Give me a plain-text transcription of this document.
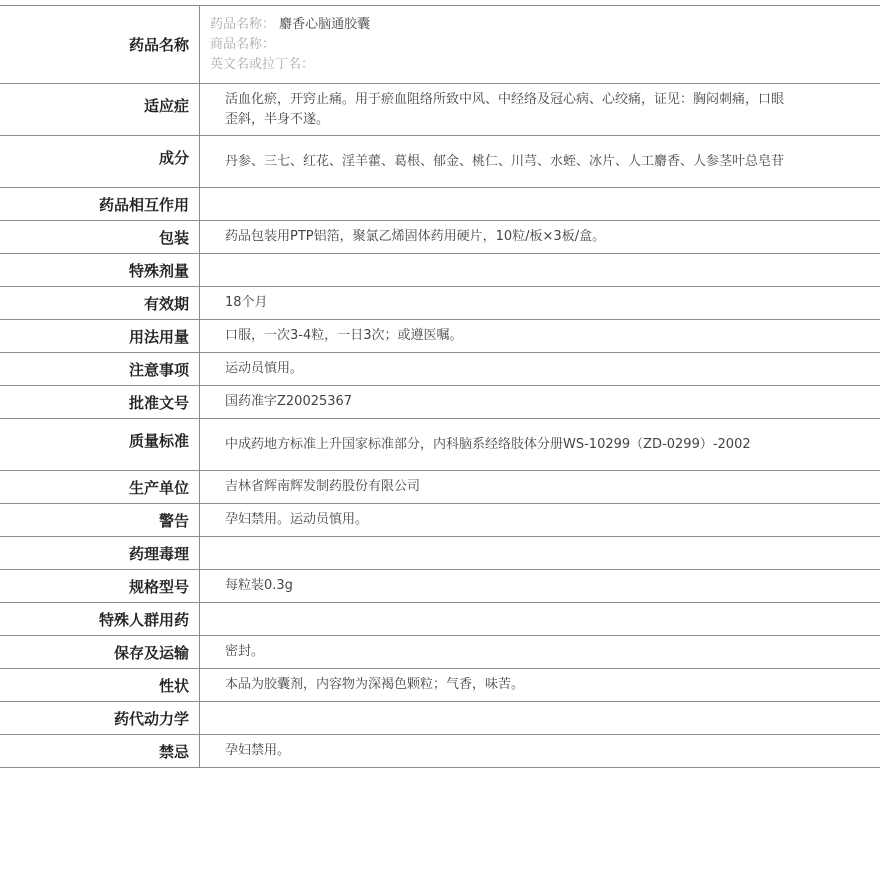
药品名称	药品名称： 麝香心脑通胶囊
商品名称：
英文名或拉丁名：

适应症	活血化瘀，开窍止痛。用于瘀血阻络所致中风、中经络及冠心病、心绞痛，证见：胸闷刺痛，口眼歪斜，半身不遂。
成分	丹参、三七、红花、淫羊藿、葛根、郁金、桃仁、川芎、水蛭、冰片、人工麝香、人参茎叶总皂苷
药品相互作用	
包装	药品包装用PTP铝箔，聚氯乙烯固体药用硬片，10粒/板×3板/盒。
特殊剂量	
有效期	18个月
用法用量	口服，一次3-4粒，一日3次；或遵医嘱。
注意事项	运动员慎用。
批准文号	国药准字Z20025367
质量标准	中成药地方标准上升国家标准部分，内科脑系经络肢体分册WS-10299（ZD-0299）-2002
生产单位	吉林省辉南辉发制药股份有限公司
警告	孕妇禁用。运动员慎用。
药理毒理	
规格型号	每粒装0.3g
特殊人群用药	
保存及运输	密封。
性状	本品为胶囊剂，内容物为深褐色颗粒；气香，味苦。
药代动力学	
禁忌	孕妇禁用。
